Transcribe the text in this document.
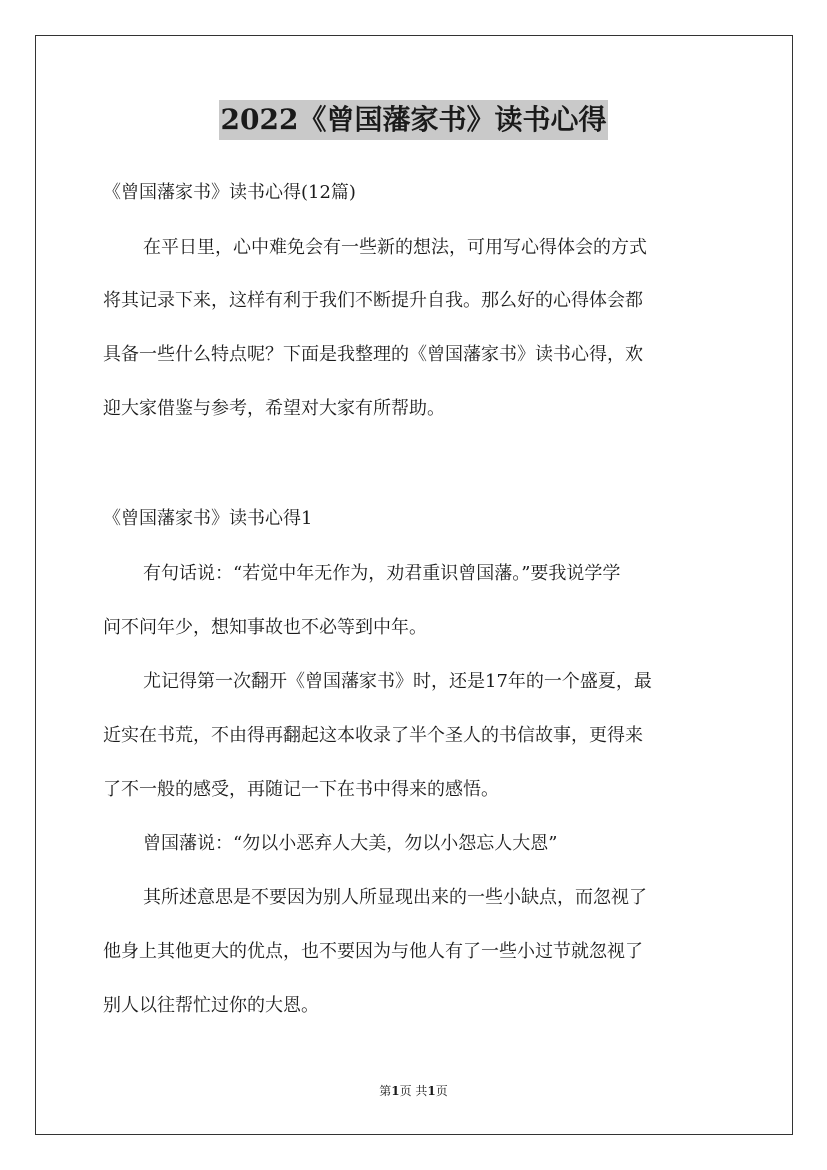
2022《曾国藩家书》读书心得
《曾国藩家书》读书心得(12篇)
在平日里，心中难免会有一些新的想法，可用写心得体会的方式
将其记录下来，这样有利于我们不断提升自我。那么好的心得体会都
具备一些什么特点呢？下面是我整理的《曾国藩家书》读书心得，欢
迎大家借鉴与参考，希望对大家有所帮助。
《曾国藩家书》读书心得1
有句话说：“若觉中年无作为，劝君重识曾国藩。”要我说学学
问不问年少，想知事故也不必等到中年。
尤记得第一次翻开《曾国藩家书》时，还是17年的一个盛夏，最
近实在书荒，不由得再翻起这本收录了半个圣人的书信故事，更得来
了不一般的感受，再随记一下在书中得来的感悟。
曾国藩说：“勿以小恶弃人大美，勿以小怨忘人大恩”
其所述意思是不要因为别人所显现出来的一些小缺点，而忽视了
他身上其他更大的优点，也不要因为与他人有了一些小过节就忽视了
别人以往帮忙过你的大恩。
第1页 共1页
